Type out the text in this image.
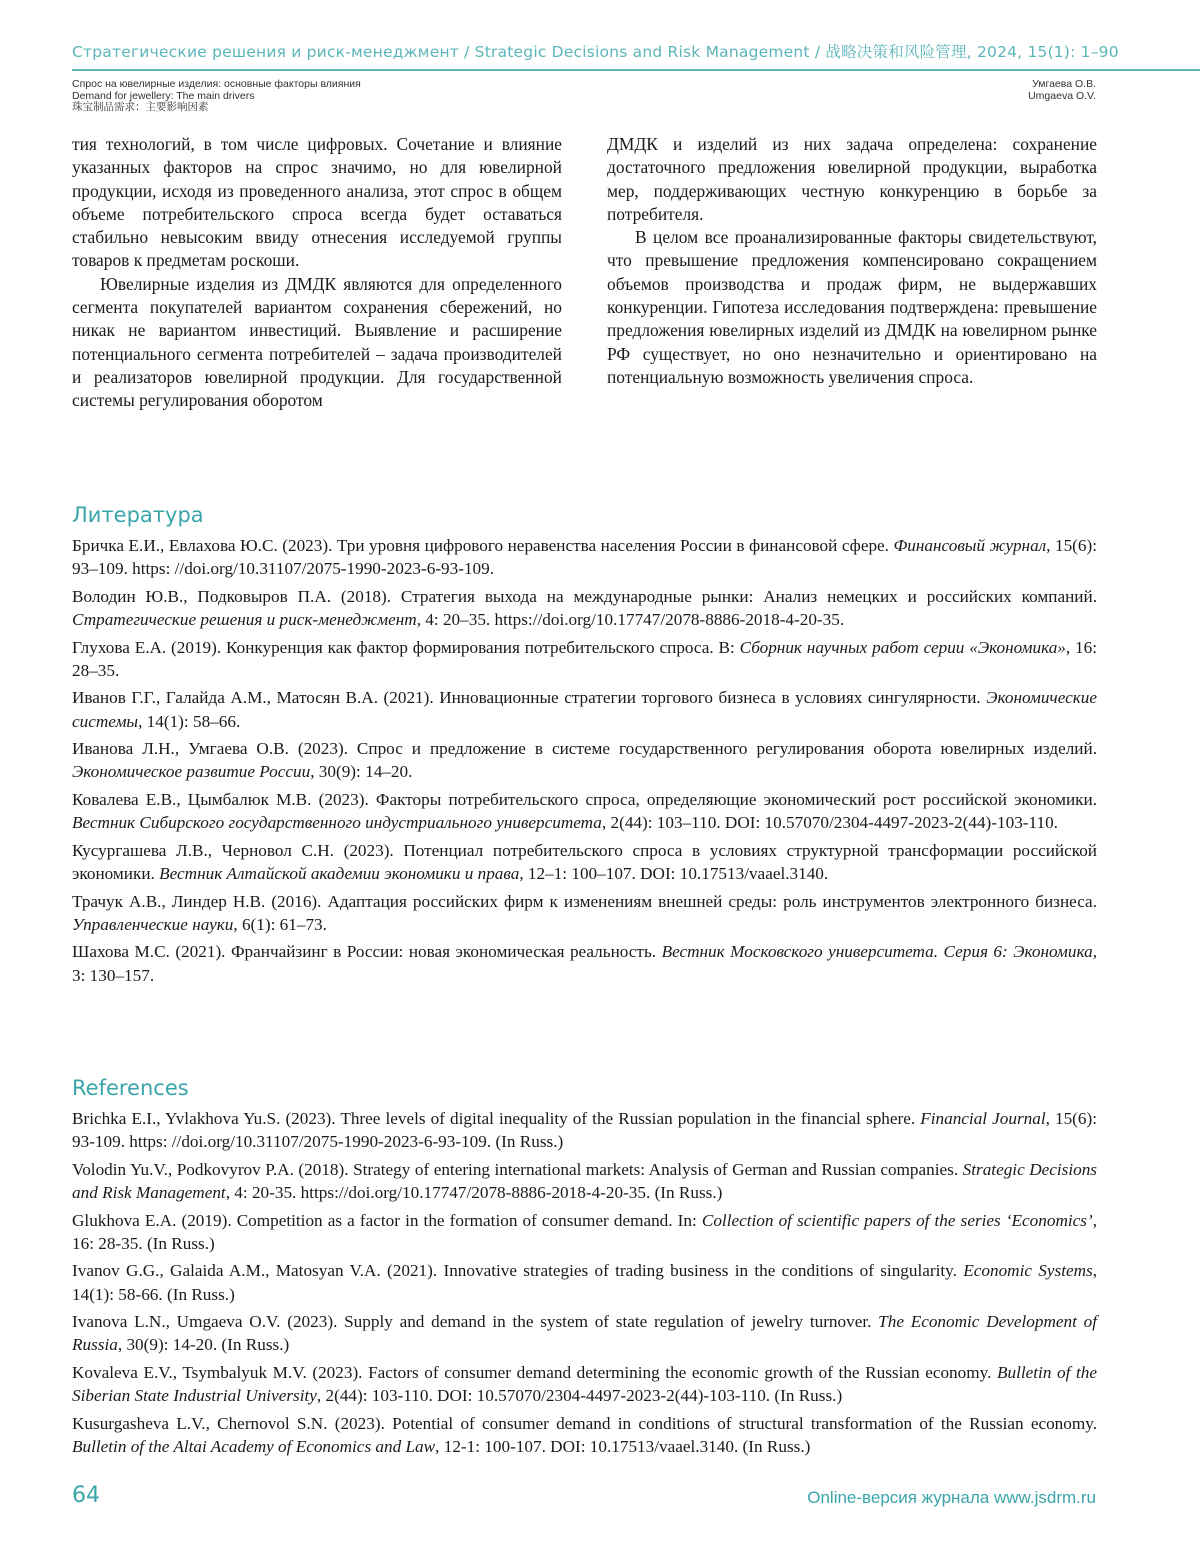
Стратегические решения и риск-менеджмент / Strategic Decisions and Risk Management / 战略决策和风险管理, 2024, 15(1): 1–90
Спрос на ювелирные изделия: основные факторы влияния
Demand for jewellery: The main drivers
珠宝制品需求：主要影响因素
Умгаева О.В.
Umgaeva O.V.

тия технологий, в том числе цифровых. Сочетание и влияние указанных факторов на спрос значимо, но для ювелирной продукции, исходя из проведенного анализа, этот спрос в общем объеме потребительского спроса всегда будет оставаться стабильно невысоким ввиду отнесения исследуемой группы товаров к предметам роскоши.

Ювелирные изделия из ДМДК являются для определенного сегмента покупателей вариантом сохранения сбережений, но никак не вариантом инвестиций. Выявление и расширение потенциального сегмента потребителей – задача производителей и реализаторов ювелирной продукции. Для государственной системы регулирования оборотом

ДМДК и изделий из них задача определена: сохранение достаточного предложения ювелирной продукции, выработка мер, поддерживающих честную конкуренцию в борьбе за потребителя.

В целом все проанализированные факторы свидетельствуют, что превышение предложения компенсировано сокращением объемов производства и продаж фирм, не выдержавших конкуренции. Гипотеза исследования подтверждена: превышение предложения ювелирных изделий из ДМДК на ювелирном рынке РФ существует, но оно незначительно и ориентировано на потенциальную возможность увеличения спроса.

Литература

Бричка Е.И., Евлахова Ю.С. (2023). Три уровня цифрового неравенства населения России в финансовой сфере. Финансовый журнал, 15(6): 93–109. https: //doi.org/10.31107/2075-1990-2023-6-93-109.

Володин Ю.В., Подковыров П.А. (2018). Стратегия выхода на международные рынки: Анализ немецких и российских компаний. Стратегические решения и риск-менеджмент, 4: 20–35. https://doi.org/10.17747/2078-8886-2018-4-20-35.

Глухова Е.А. (2019). Конкуренция как фактор формирования потребительского спроса. В: Сборник научных работ серии «Экономика», 16: 28–35.

Иванов Г.Г., Галайда А.М., Матосян В.А. (2021). Инновационные стратегии торгового бизнеса в условиях сингулярности. Экономические системы, 14(1): 58–66.

Иванова Л.Н., Умгаева О.В. (2023). Спрос и предложение в системе государственного регулирования оборота ювелирных изделий. Экономическое развитие России, 30(9): 14–20.

Ковалева Е.В., Цымбалюк М.В. (2023). Факторы потребительского спроса, определяющие экономический рост российской экономики. Вестник Сибирского государственного индустриального университета, 2(44): 103–110. DOI: 10.57070/2304-4497-2023-2(44)-103-110.

Кусургашева Л.В., Черновол С.Н. (2023). Потенциал потребительского спроса в условиях структурной трансформации российской экономики. Вестник Алтайской академии экономики и права, 12–1: 100–107. DOI: 10.17513/vaael.3140.

Трачук А.В., Линдер Н.В. (2016). Адаптация российских фирм к изменениям внешней среды: роль инструментов электронного бизнеса. Управленческие науки, 6(1): 61–73.

Шахова М.С. (2021). Франчайзинг в России: новая экономическая реальность. Вестник Московского университета. Серия 6: Экономика, 3: 130–157.

References

Brichka E.I., Yvlakhova Yu.S. (2023). Three levels of digital inequality of the Russian population in the financial sphere. Financial Journal, 15(6): 93-109. https: //doi.org/10.31107/2075-1990-2023-6-93-109. (In Russ.)

Volodin Yu.V., Podkovyrov P.A. (2018). Strategy of entering international markets: Analysis of German and Russian companies. Strategic Decisions and Risk Management, 4: 20-35. https://doi.org/10.17747/2078-8886-2018-4-20-35. (In Russ.)

Glukhova E.A. (2019). Competition as a factor in the formation of consumer demand. In: Collection of scientific papers of the series ‘Economics’, 16: 28-35. (In Russ.)

Ivanov G.G., Galaida A.M., Matosyan V.A. (2021). Innovative strategies of trading business in the conditions of singularity. Economic Systems, 14(1): 58-66. (In Russ.)

Ivanova L.N., Umgaeva O.V. (2023). Supply and demand in the system of state regulation of jewelry turnover. The Economic Development of Russia, 30(9): 14-20. (In Russ.)

Kovaleva E.V., Tsymbalyuk M.V. (2023). Factors of consumer demand determining the economic growth of the Russian economy. Bulletin of the Siberian State Industrial University, 2(44): 103-110. DOI: 10.57070/2304-4497-2023-2(44)-103-110. (In Russ.)

Kusurgasheva L.V., Chernovol S.N. (2023). Potential of consumer demand in conditions of structural transformation of the Russian economy. Bulletin of the Altai Academy of Economics and Law, 12-1: 100-107. DOI: 10.17513/vaael.3140. (In Russ.)

64	Online-версия журнала www.jsdrm.ru
